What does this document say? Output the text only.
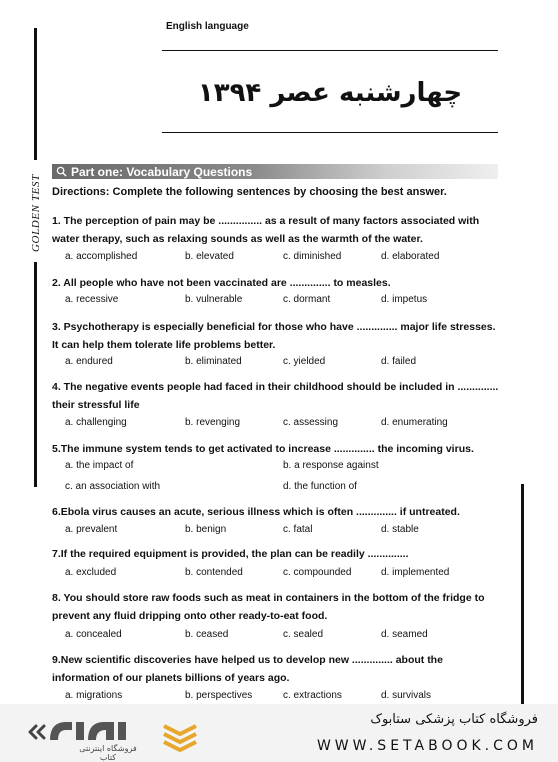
English language
چهارشنبه عصر ۱۳۹۴
GOLDEN TEST
Part one: Vocabulary Questions
Directions: Complete the following sentences by choosing the best answer.
1. The perception of pain may be ............... as a result of many factors associated with water therapy, such as relaxing sounds as well as the warmth of the water.
a. accomplished	b. elevated	c. diminished	d. elaborated
2. All people who have not been vaccinated are .............. to measles.
a. recessive	b. vulnerable	c. dormant	d. impetus
3. Psychotherapy is especially beneficial for those who have .............. major life stresses. It can help them tolerate life problems better.
a. endured	b. eliminated	c. yielded	d. failed
4. The negative events people had faced in their childhood should be included in .............. their stressful life
a. challenging	b. revenging	c. assessing	d. enumerating
5.The immune system tends to get activated to increase .............. the incoming virus.
a. the impact of	b. a response against
c. an association with	d. the function of
6.Ebola virus causes an acute, serious illness which is often .............. if untreated.
a. prevalent	b. benign	c. fatal	d. stable
7.If the required equipment is provided, the plan can be readily ..............
a. excluded	b. contended	c. compounded	d. implemented
8. You should store raw foods such as meat in containers in the bottom of the fridge to prevent any fluid dripping onto other ready-to-eat food.
a. concealed	b. ceased	c. sealed	d. seamed
9.New scientific discoveries have helped us to develop new .............. about the information of our planets billions of years ago.
a. migrations	b. perspectives	c. extractions	d. survivals
فروشگاه اینترنتی کتاب
فروشگاه کتاب پزشکی ستابوک
WWW.SETABOOK.COM
